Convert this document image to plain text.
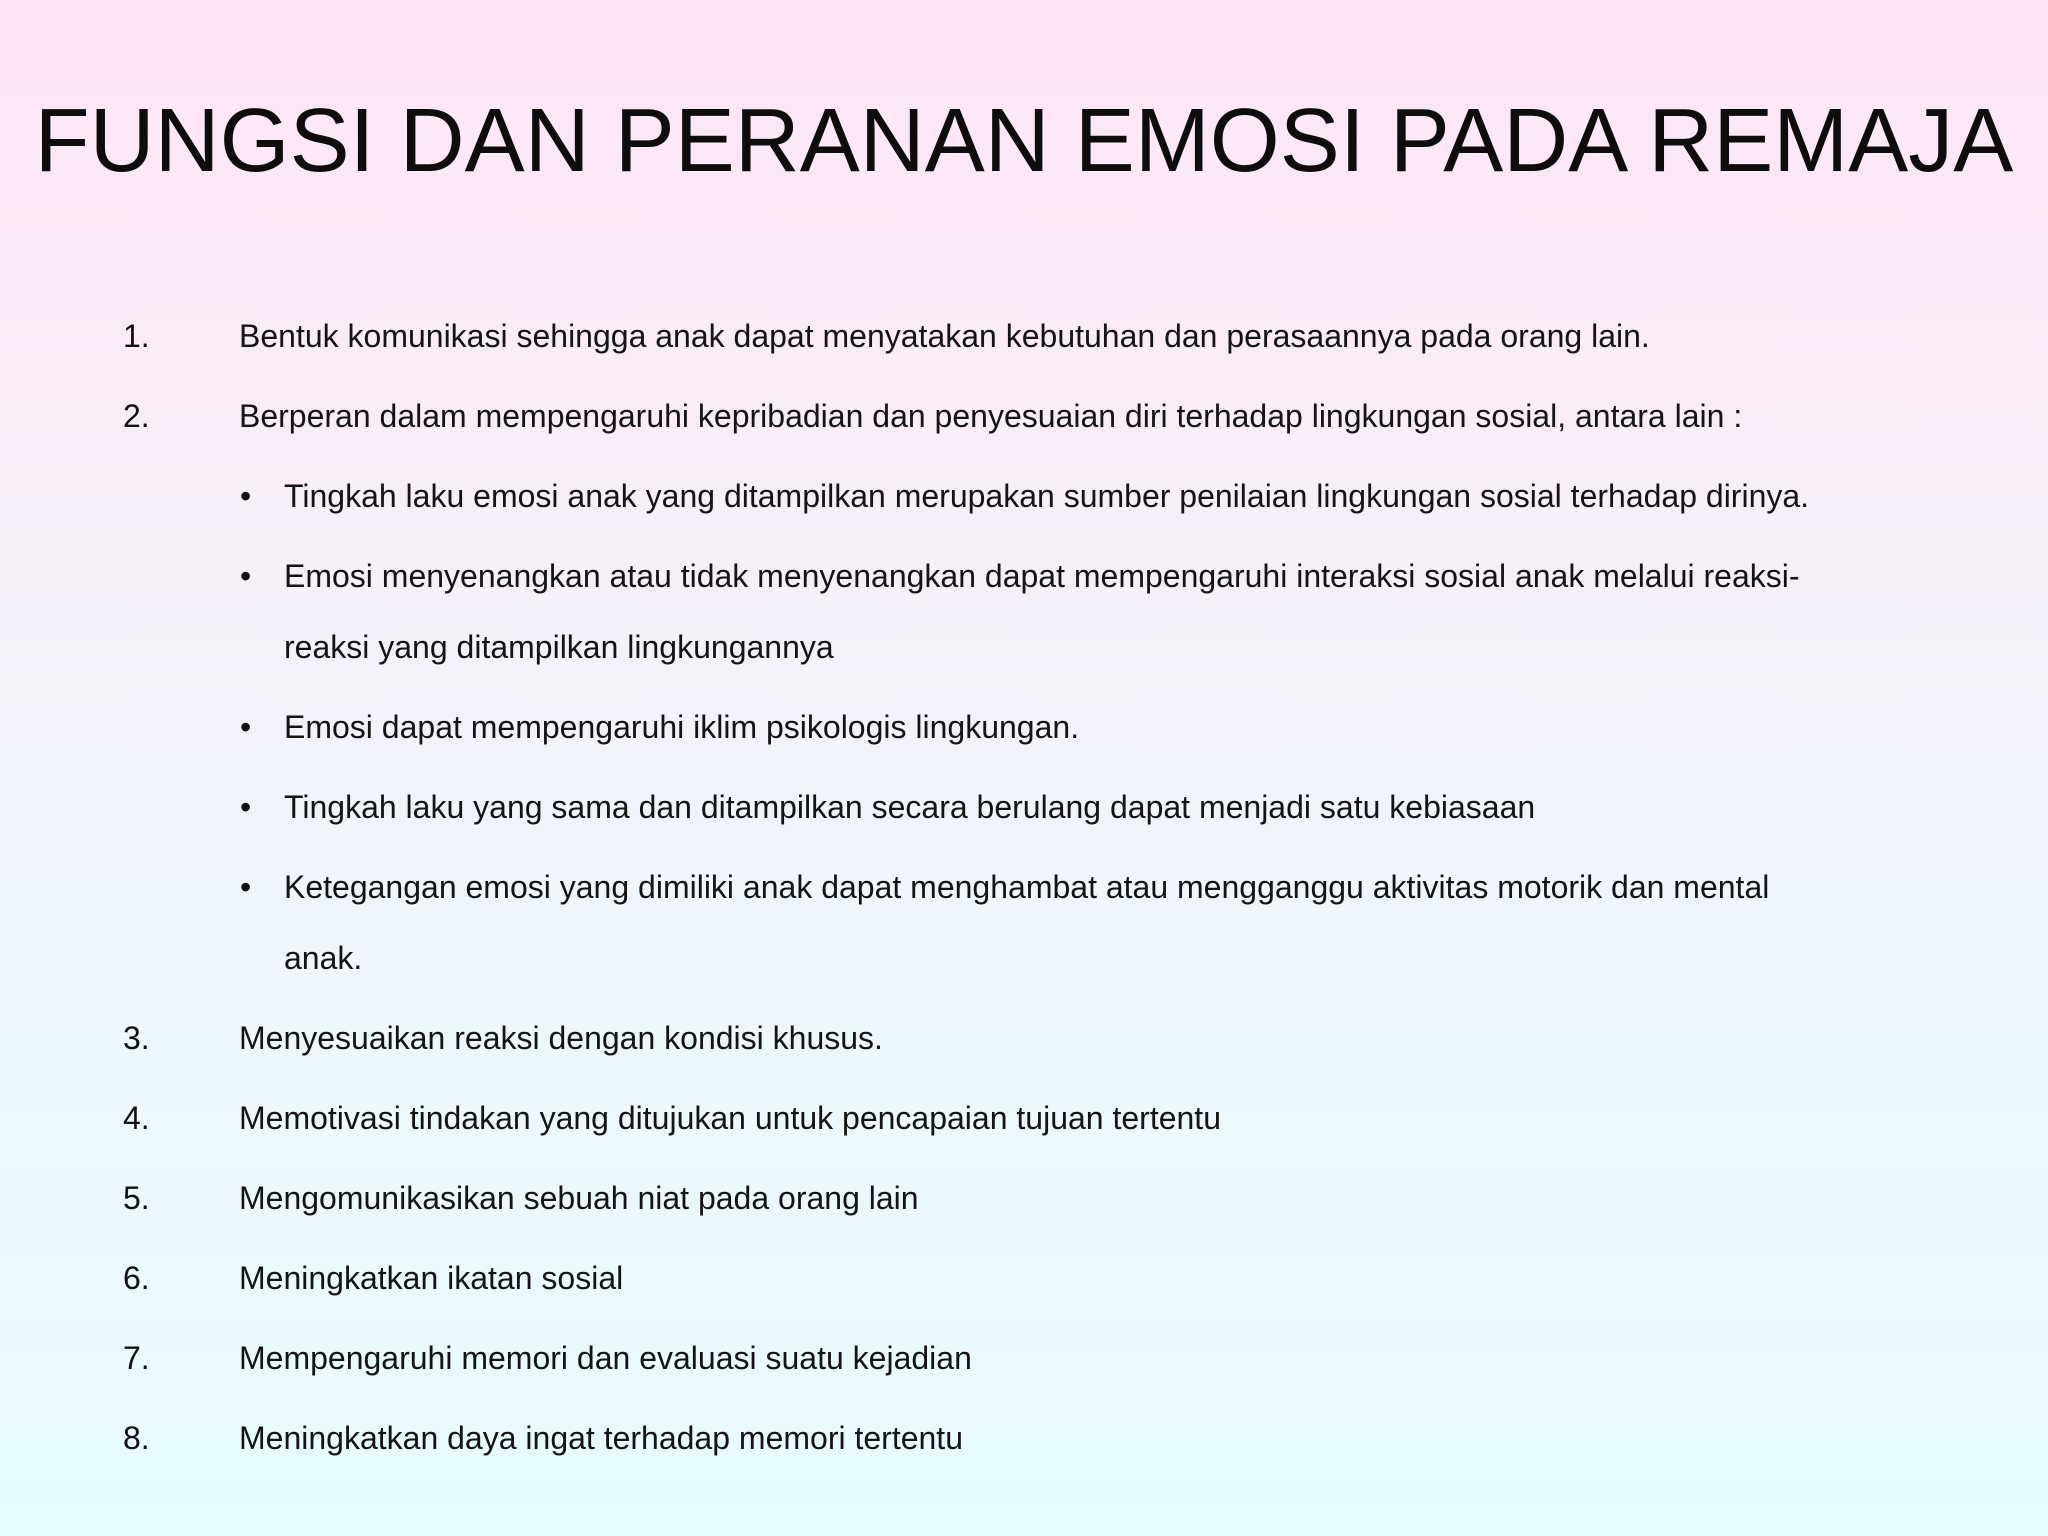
FUNGSI DAN PERANAN EMOSI PADA REMAJA
1.	Bentuk komunikasi sehingga anak dapat menyatakan kebutuhan dan perasaannya pada orang lain.
2.	Berperan dalam mempengaruhi kepribadian dan penyesuaian diri terhadap lingkungan sosial, antara lain :
• Tingkah laku emosi anak yang ditampilkan merupakan sumber penilaian lingkungan sosial terhadap dirinya.
• Emosi menyenangkan atau tidak menyenangkan dapat mempengaruhi interaksi sosial anak melalui reaksi-
reaksi yang ditampilkan lingkungannya
• Emosi dapat mempengaruhi iklim psikologis lingkungan.
• Tingkah laku yang sama dan ditampilkan secara berulang dapat menjadi satu kebiasaan
• Ketegangan emosi yang dimiliki anak dapat menghambat atau mengganggu aktivitas motorik dan mental
anak.
3.	Menyesuaikan reaksi dengan kondisi khusus.
4.	Memotivasi tindakan yang ditujukan untuk pencapaian tujuan tertentu
5.	Mengomunikasikan sebuah niat pada orang lain
6.	Meningkatkan ikatan sosial
7.	Mempengaruhi memori dan evaluasi suatu kejadian
8.	Meningkatkan daya ingat terhadap memori tertentu
